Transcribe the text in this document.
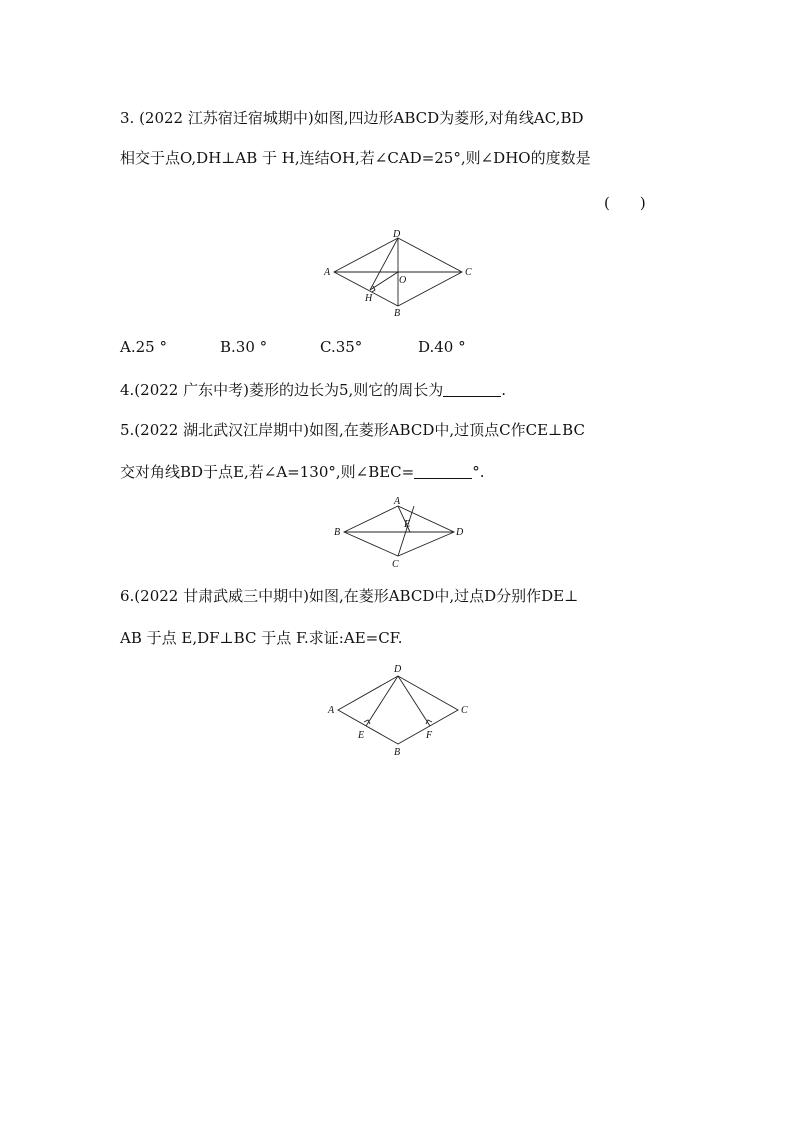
3. (2022 江苏宿迁宿城期中)如图,四边形ABCD为菱形,对角线AC,BD
相交于点O,DH⊥AB 于 H,连结OH,若∠CAD=25°,则∠DHO的度数是
(　　)
A
D
C
B
O
H
A.25 °	B.30 °	C.35°	D.40 °
4.(2022 广东中考)菱形的边长为5,则它的周长为	.
5.(2022 湖北武汉江岸期中)如图,在菱形ABCD中,过顶点C作CE⊥BC
交对角线BD于点E,若∠A=130°,则∠BEC=	°.
A
B	D
C
E
6.(2022 甘肃武威三中期中)如图,在菱形ABCD中,过点D分别作DE⊥
AB 于点 E,DF⊥BC 于点 F.求证:AE=CF.
D
A	C
B
E	F
